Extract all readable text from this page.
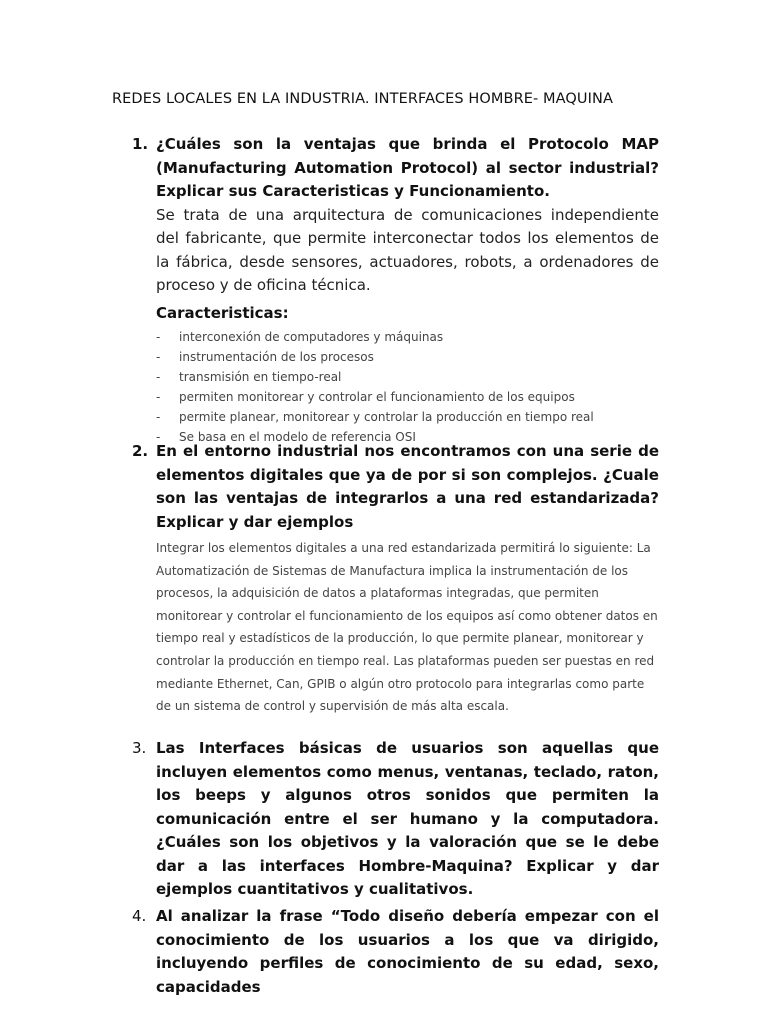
REDES LOCALES EN LA INDUSTRIA. INTERFACES HOMBRE- MAQUINA
1. ¿Cuáles son la ventajas que brinda el Protocolo MAP (Manufacturing Automation Protocol) al sector industrial? Explicar sus Caracteristicas y Funcionamiento.
Se trata de una arquitectura de comunicaciones independiente del fabricante, que permite interconectar todos los elementos de la fábrica, desde sensores, actuadores, robots, a ordenadores de proceso y de oficina técnica.
Caracteristicas:
- interconexión de computadores y máquinas
- instrumentación de los procesos
- transmisión en tiempo-real
- permiten monitorear y controlar el funcionamiento de los equipos
- permite planear, monitorear y controlar la producción en tiempo real
- Se basa en el modelo de referencia OSI
2. En el entorno industrial nos encontramos con una serie de elementos digitales que ya de por si son complejos. ¿Cuale son las ventajas de integrarlos a una red estandarizada? Explicar y dar ejemplos
Integrar los elementos digitales a una red estandarizada permitirá lo siguiente: La Automatización de Sistemas de Manufactura implica la instrumentación de los procesos, la adquisición de datos a plataformas integradas, que permiten monitorear y controlar el funcionamiento de los equipos así como obtener datos en tiempo real y estadísticos de la producción, lo que permite planear, monitorear y controlar la producción en tiempo real. Las plataformas pueden ser puestas en red mediante Ethernet, Can, GPIB o algún otro protocolo para integrarlas como parte de un sistema de control y supervisión de más alta escala.
3. Las Interfaces básicas de usuarios son aquellas que incluyen elementos como menus, ventanas, teclado, raton, los beeps y algunos otros sonidos que permiten la comunicación entre el ser humano y la computadora. ¿Cuáles son los objetivos y la valoración que se le debe dar a las interfaces Hombre-Maquina? Explicar y dar ejemplos cuantitativos y cualitativos.
4. Al analizar la frase “Todo diseño debería empezar con el conocimiento de los usuarios a los que va dirigido, incluyendo perfiles de conocimiento de su edad, sexo, capacidades
